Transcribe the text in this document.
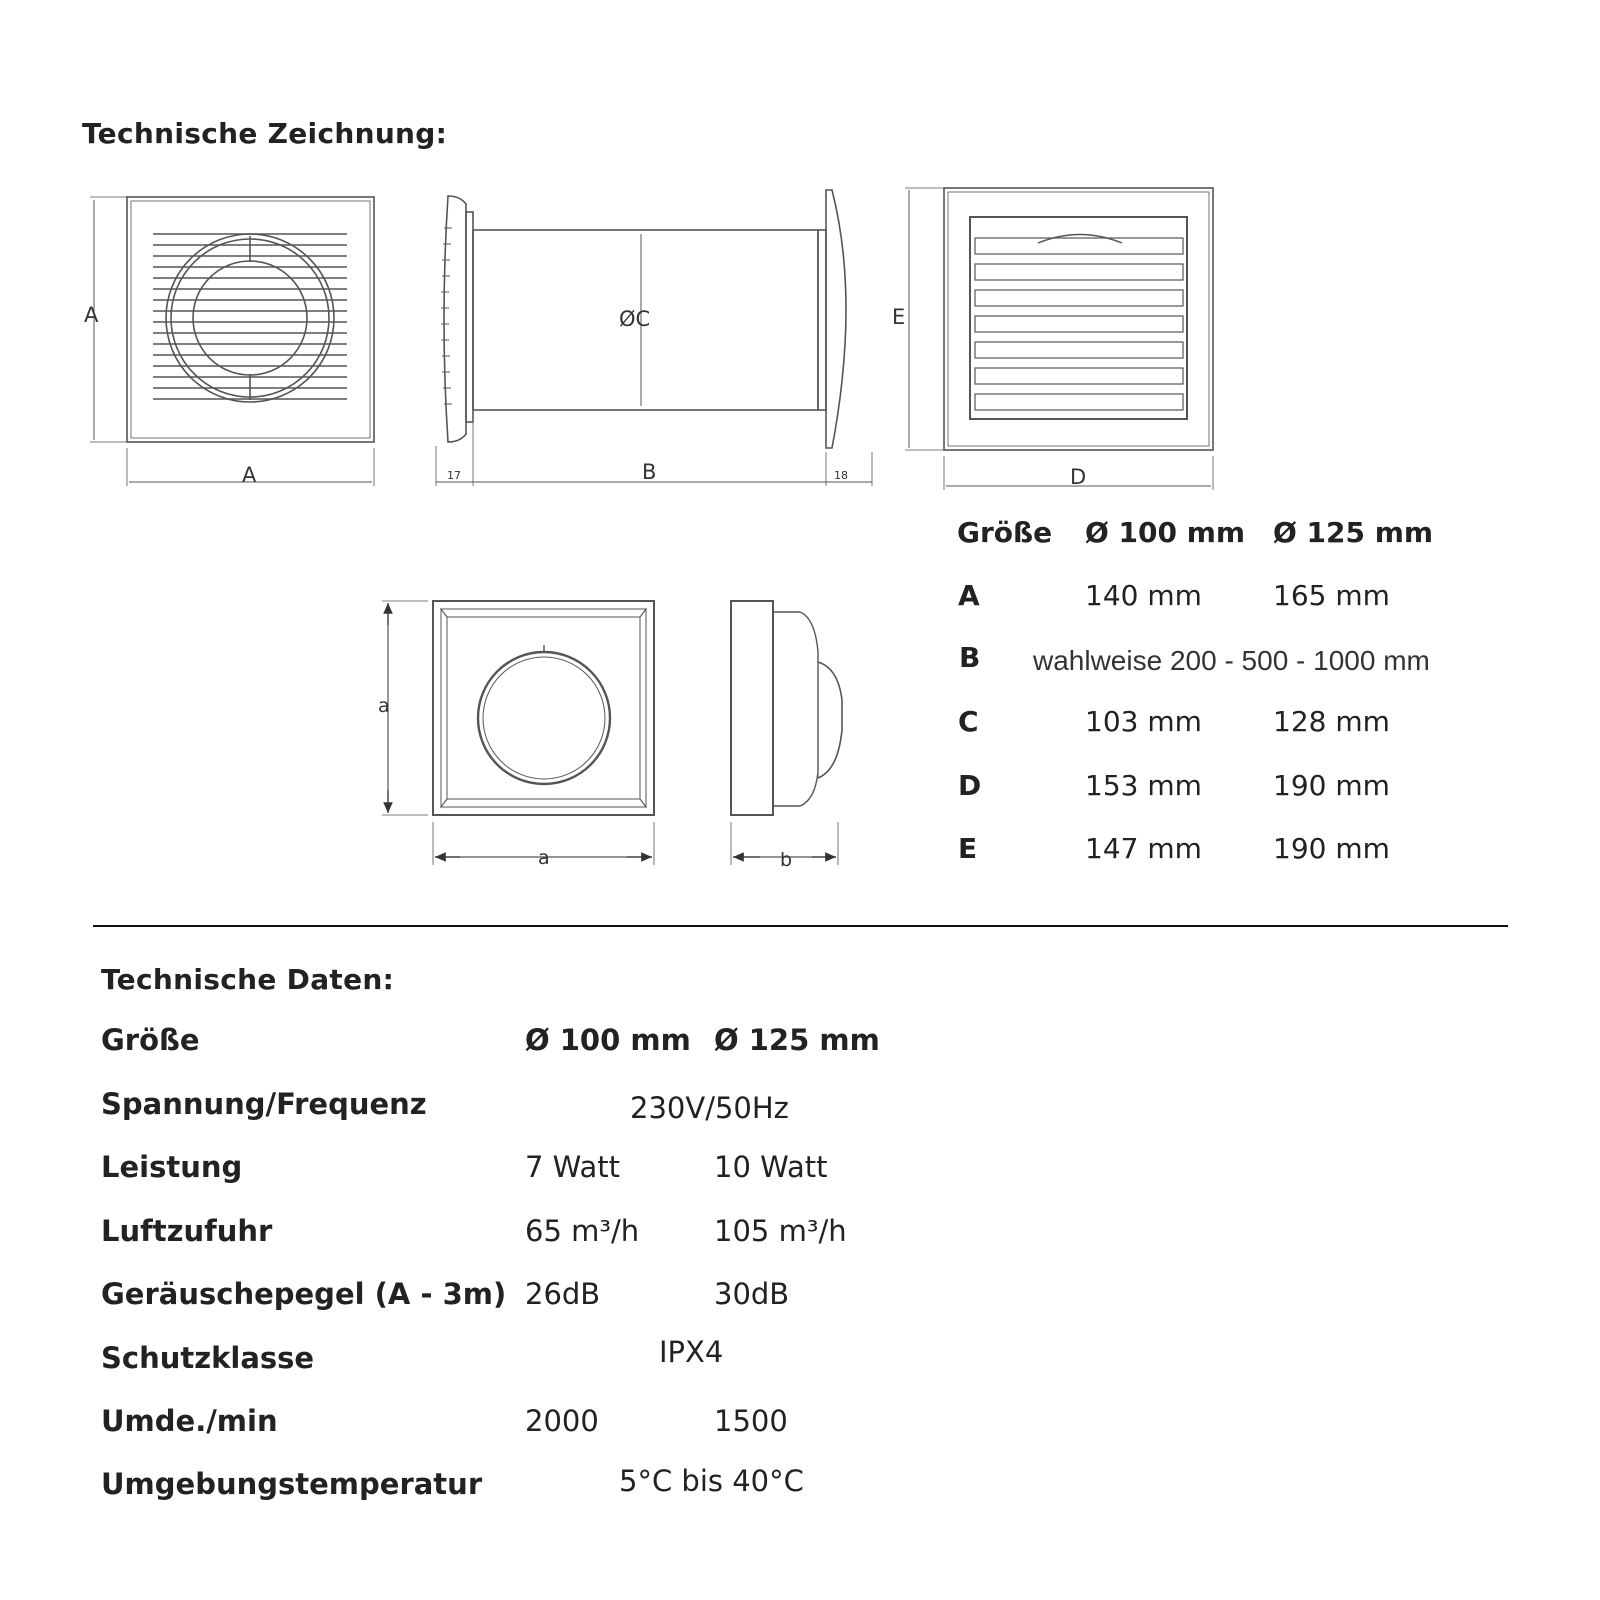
Technische Zeichnung:
A
A
ØC
B
17	18
E
D
a
a	b
Größe Ø 100 mm Ø 125 mm
A	140 mm	165 mm
B wahlweise 200 - 500 - 1000 mm
C	103 mm	128 mm
D	153 mm	190 mm
E	147 mm	190 mm
Technische Daten:
Größe	Ø 100 mm Ø 125 mm
Spannung/Frequenz	230V/50Hz
Leistung	7 Watt	10 Watt
Luftzufuhr	65 m³/h	105 m³/h
Geräuschepegel (A - 3m) 26dB	30dB
Schutzklasse	IPX4
Umde./min	2000	1500
Umgebungstemperatur	5°C bis 40°C
